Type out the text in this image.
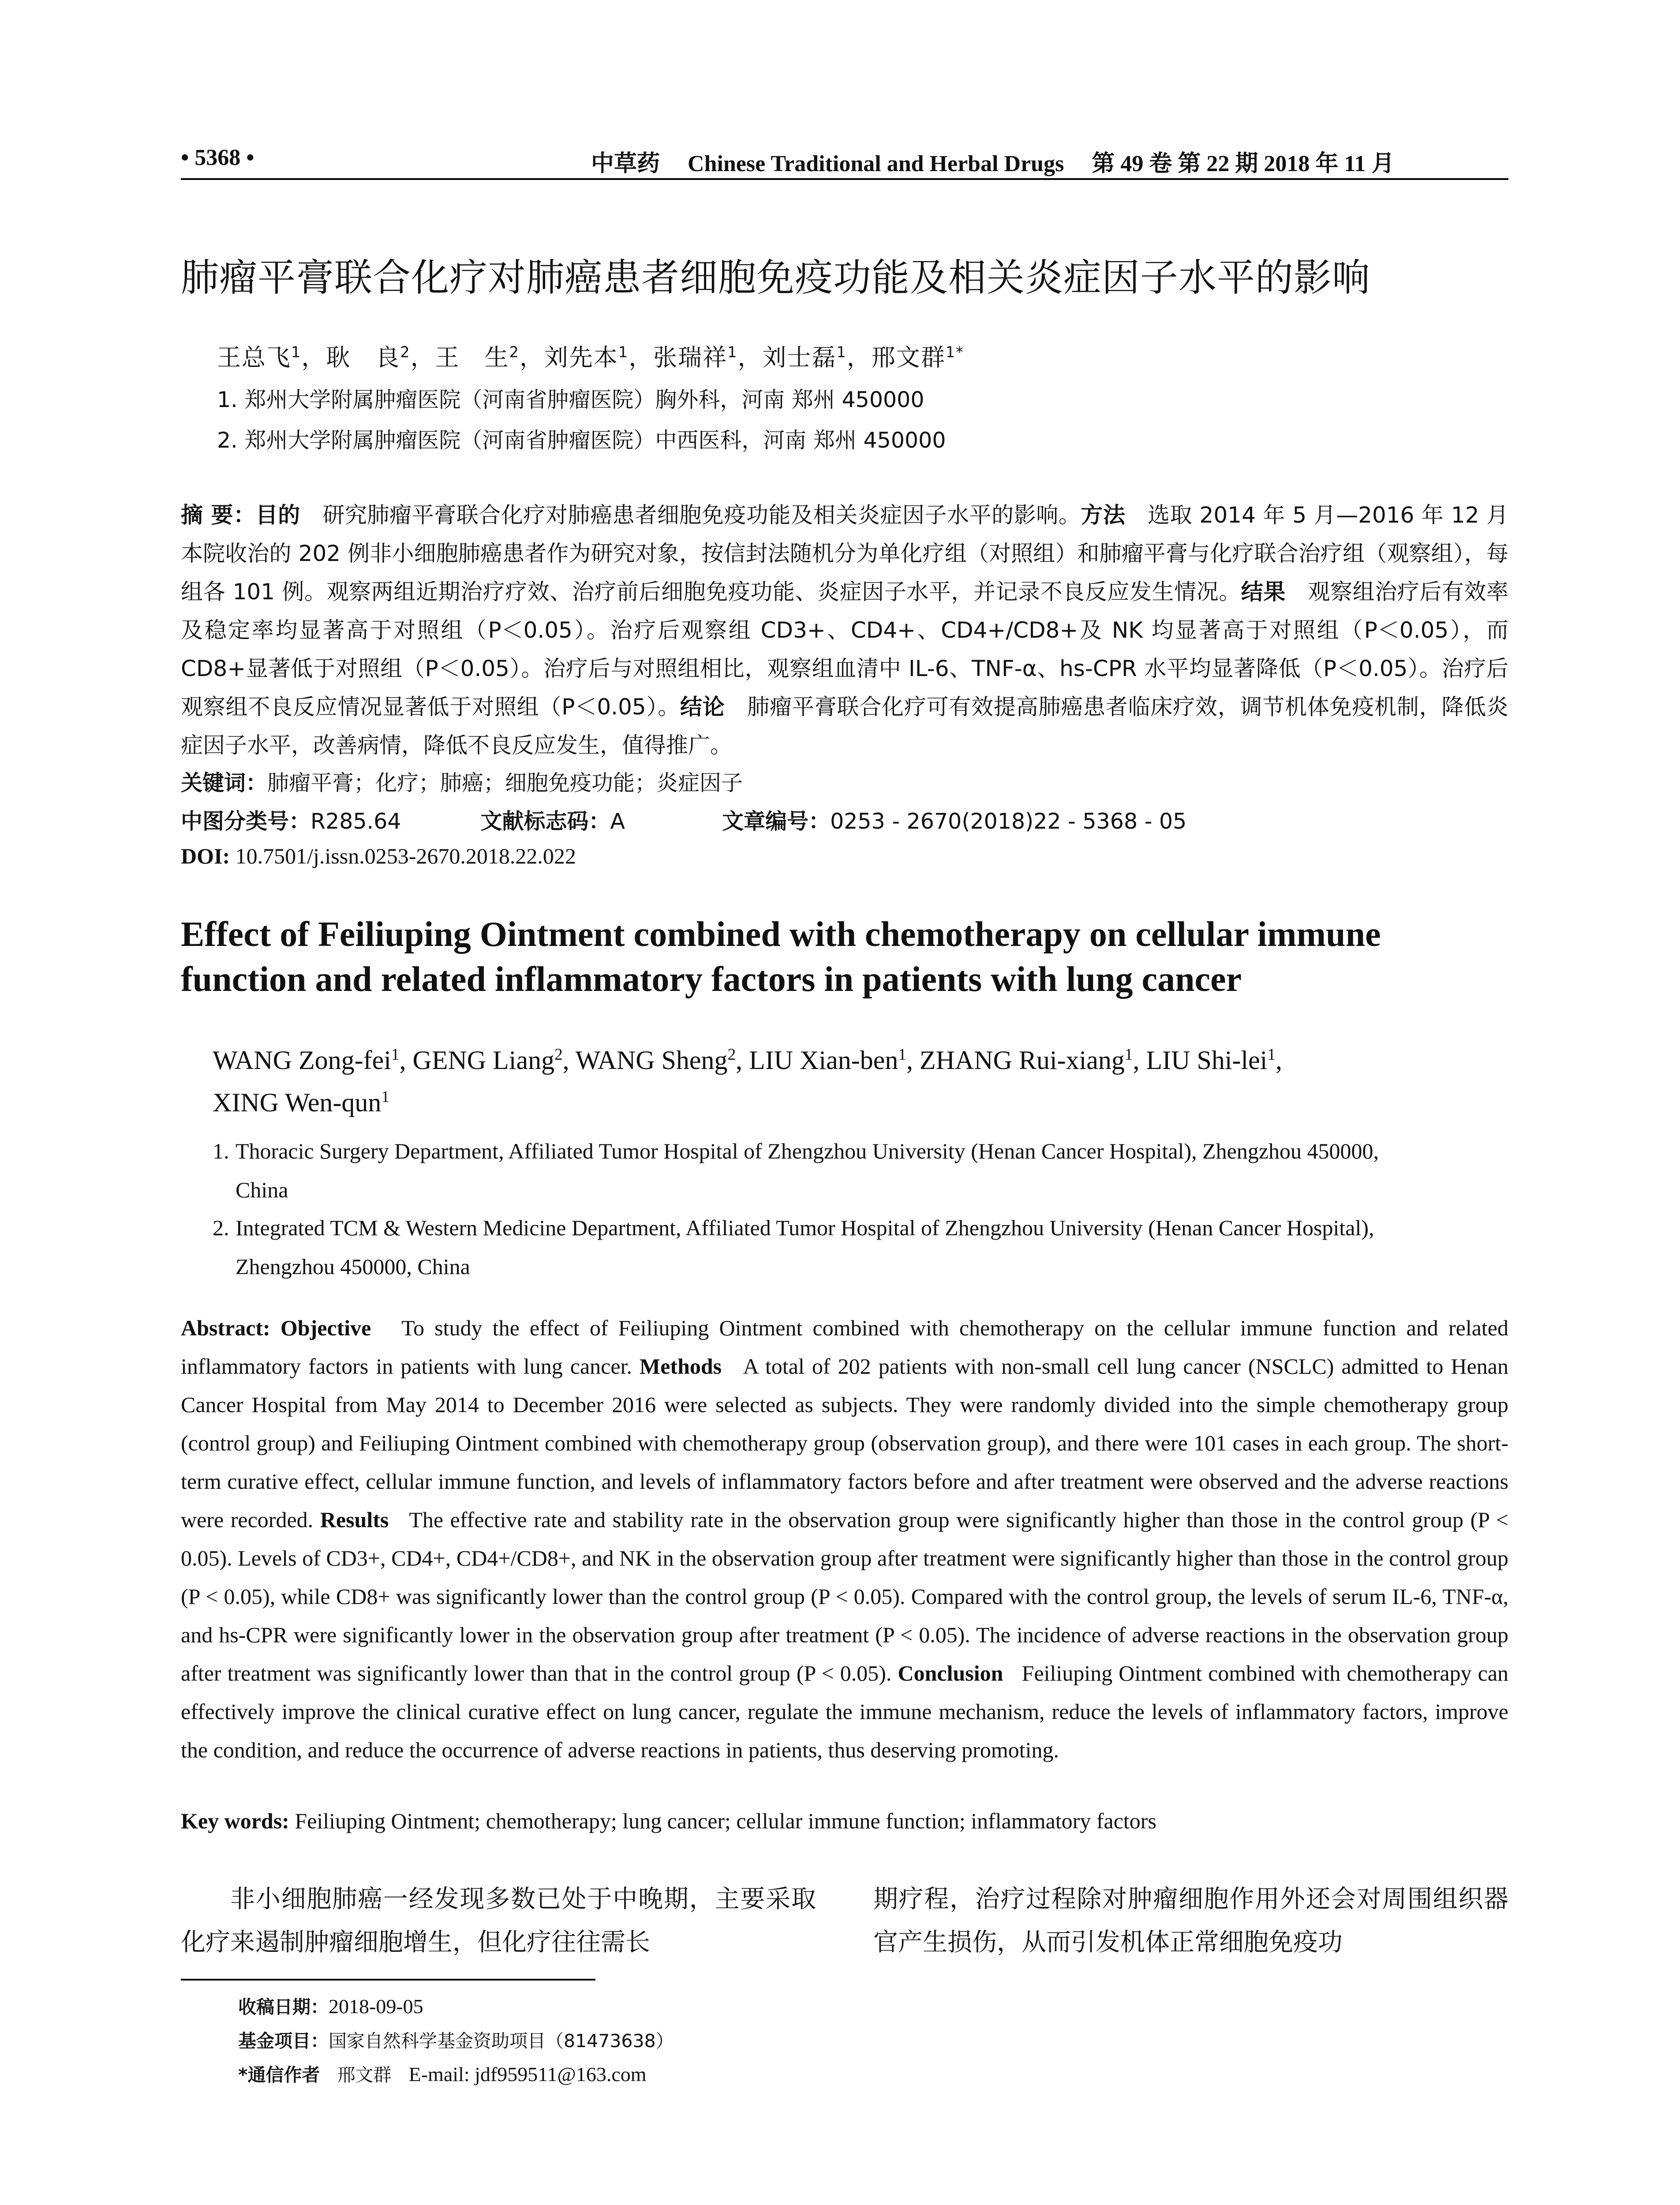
• 5368 •	中草药 Chinese Traditional and Herbal Drugs 第 49 卷 第 22 期 2018 年 11 月
肺瘤平膏联合化疗对肺癌患者细胞免疫功能及相关炎症因子水平的影响
王总飞$^1$，耿　良$^2$，王　生$^2$，刘先本$^1$，张瑞祥$^1$，刘士磊$^1$，邢文群$^{1*}$
1. 郑州大学附属肿瘤医院（河南省肿瘤医院）胸外科，河南 郑州 450000
2. 郑州大学附属肿瘤医院（河南省肿瘤医院）中西医科，河南 郑州 450000
摘 要：目的　 研究肺瘤平膏联合化疗对肺癌患者细胞免疫功能及相关炎症因子水平的影响。方法　 选取 2014 年 5 月—2016 年 12 月本院收治的 202 例非小细胞肺癌患者作为研究对象，按信封法随机分为单化疗组（对照组）和肺瘤平膏与化疗联合治疗组（观察组），每组各 101 例。观察两组近期治疗疗效、治疗前后细胞免疫功能、炎症因子水平，并记录不良反应发生情况。结果　 观察组治疗后有效率及稳定率均显著高于对照组（P＜0.05）。治疗后观察组 CD3+、CD4+、CD4+/CD8+及 NK 均显著高于对照组（P＜0.05），而 CD8+显著低于对照组（P＜0.05）。治疗后与对照组相比，观察组血清中 IL-6、TNF-α、hs-CPR 水平均显著降低（P＜0.05）。治疗后观察组不良反应情况显著低于对照组（P＜0.05）。结论　 肺瘤平膏联合化疗可有效提高肺癌患者临床疗效，调节机体免疫机制，降低炎症因子水平，改善病情，降低不良反应发生，值得推广。
关键词：肺瘤平膏；化疗；肺癌；细胞免疫功能；炎症因子
中图分类号：R285.64	文献标志码：A	文章编号：0253 - 2670(2018)22 - 5368 - 05
DOI: 10.7501/j.issn.0253-2670.2018.22.022
Effect of Feiliuping Ointment combined with chemotherapy on cellular immune function and related inflammatory factors in patients with lung cancer
WANG Zong-fei$^1$, GENG Liang$^2$, WANG Sheng$^2$, LIU Xian-ben$^1$, ZHANG Rui-xiang$^1$, LIU Shi-lei$^1$,
XING Wen-qun$^1$
1. Thoracic Surgery Department, Affiliated Tumor Hospital of Zhengzhou University (Henan Cancer Hospital), Zhengzhou 450000,
China
2. Integrated TCM & Western Medicine Department, Affiliated Tumor Hospital of Zhengzhou University (Henan Cancer Hospital),
Zhengzhou 450000, China
Abstract: Objective To study the effect of Feiliuping Ointment combined with chemotherapy on the cellular immune function and related inflammatory factors in patients with lung cancer. Methods A total of 202 patients with non-small cell lung cancer (NSCLC) admitted to Henan Cancer Hospital from May 2014 to December 2016 were selected as subjects. They were randomly divided into the simple chemotherapy group (control group) and Feiliuping Ointment combined with chemotherapy group (observation group), and there were 101 cases in each group. The short-term curative effect, cellular immune function, and levels of inflammatory factors before and after treatment were observed and the adverse reactions were recorded. Results The effective rate and stability rate in the observation group were significantly higher than those in the control group (P < 0.05). Levels of CD3+, CD4+, CD4+/CD8+, and NK in the observation group after treatment were significantly higher than those in the control group (P < 0.05), while CD8+ was significantly lower than the control group (P < 0.05). Compared with the control group, the levels of serum IL-6, TNF-α, and hs-CPR were significantly lower in the observation group after treatment (P < 0.05). The incidence of adverse reactions in the observation group after treatment was significantly lower than that in the control group (P < 0.05). Conclusion Feiliuping Ointment combined with chemotherapy can effectively improve the clinical curative effect on lung cancer, regulate the immune mechanism, reduce the levels of inflammatory factors, improve the condition, and reduce the occurrence of adverse reactions in patients, thus deserving promoting.
Key words: Feiliuping Ointment; chemotherapy; lung cancer; cellular immune function; inflammatory factors
非小细胞肺癌一经发现多数已处于中晚期，主要采取化疗来遏制肿瘤细胞增生，但化疗往往需长
期疗程，治疗过程除对肿瘤细胞作用外还会对周围组织器官产生损伤，从而引发机体正常细胞免疫功
收稿日期：2018-09-05
基金项目：国家自然科学基金资助项目（81473638）
*通信作者 邢文群 E-mail: jdf959511@163.com
